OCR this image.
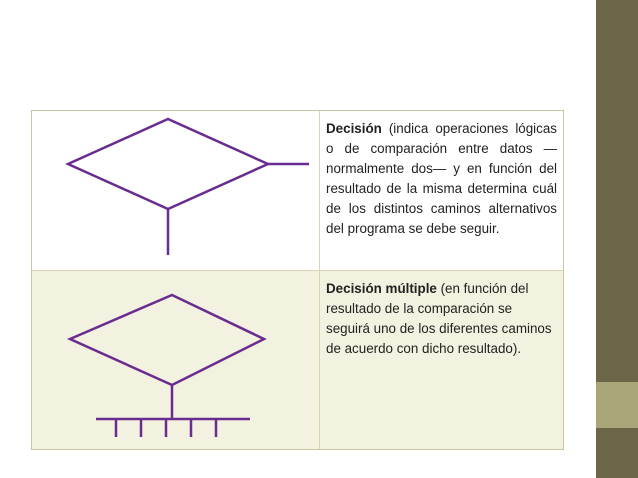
Decisión (indica operaciones lógicas o de comparación entre datos —normalmente dos— y en función del resultado de la misma determina cuál de los distintos caminos alternativos del programa se debe seguir.
Decisión múltiple (en función del resultado de la comparación se seguirá uno de los diferentes caminos de acuerdo con dicho resultado).
